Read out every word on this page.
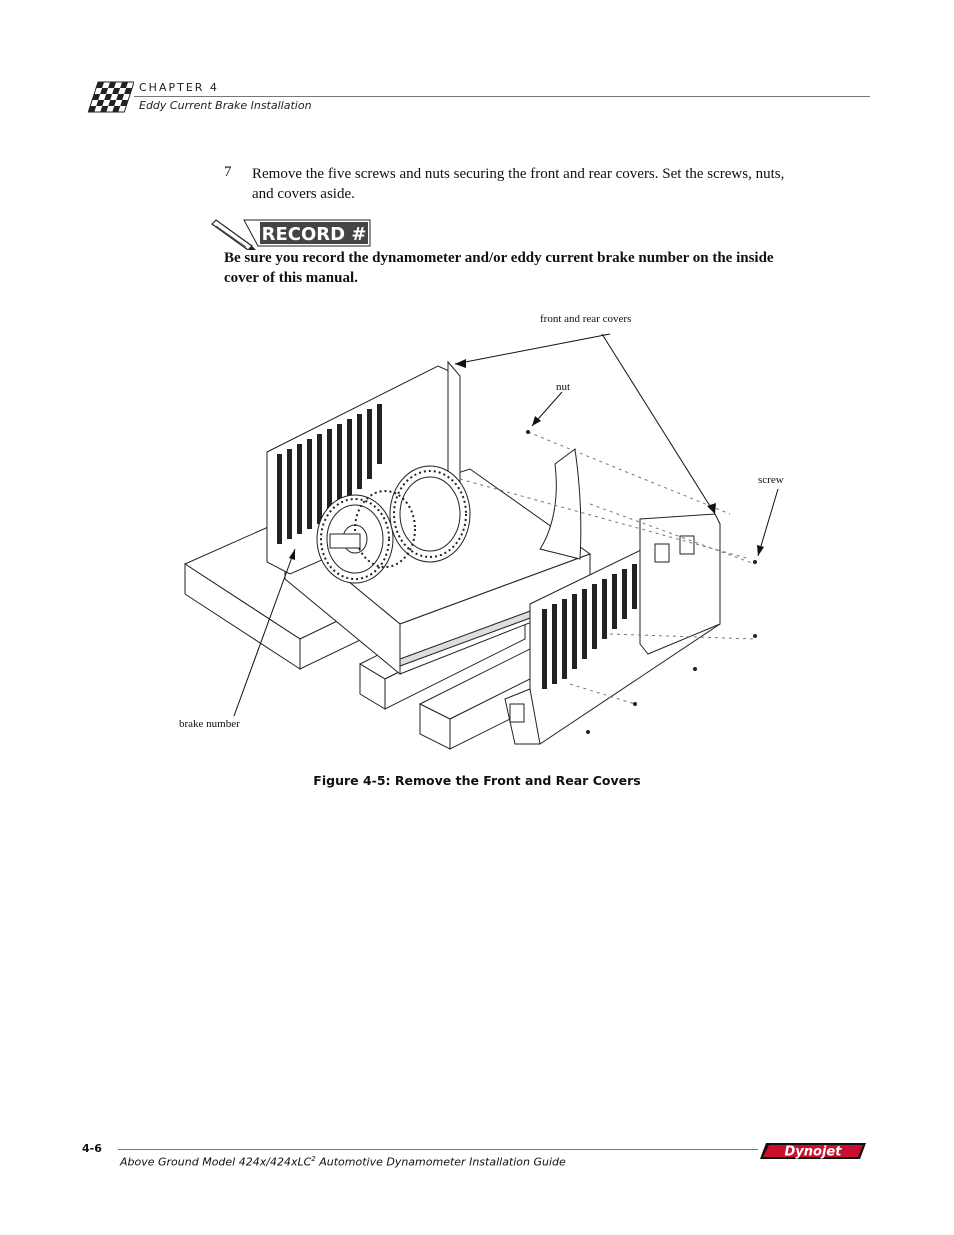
CHAPTER 4
Eddy Current Brake Installation
7 Remove the five screws and nuts securing the front and rear covers. Set the screws, nuts, and covers aside.
RECORD #
Be sure you record the dynamometer and/or eddy current brake number on the inside cover of this manual.
front and rear covers
nut
screw
brake number
Figure 4-5: Remove the Front and Rear Covers
4-6
Above Ground Model 424x/424xLC$^2$ Automotive Dynamometer Installation Guide
Dynojet
